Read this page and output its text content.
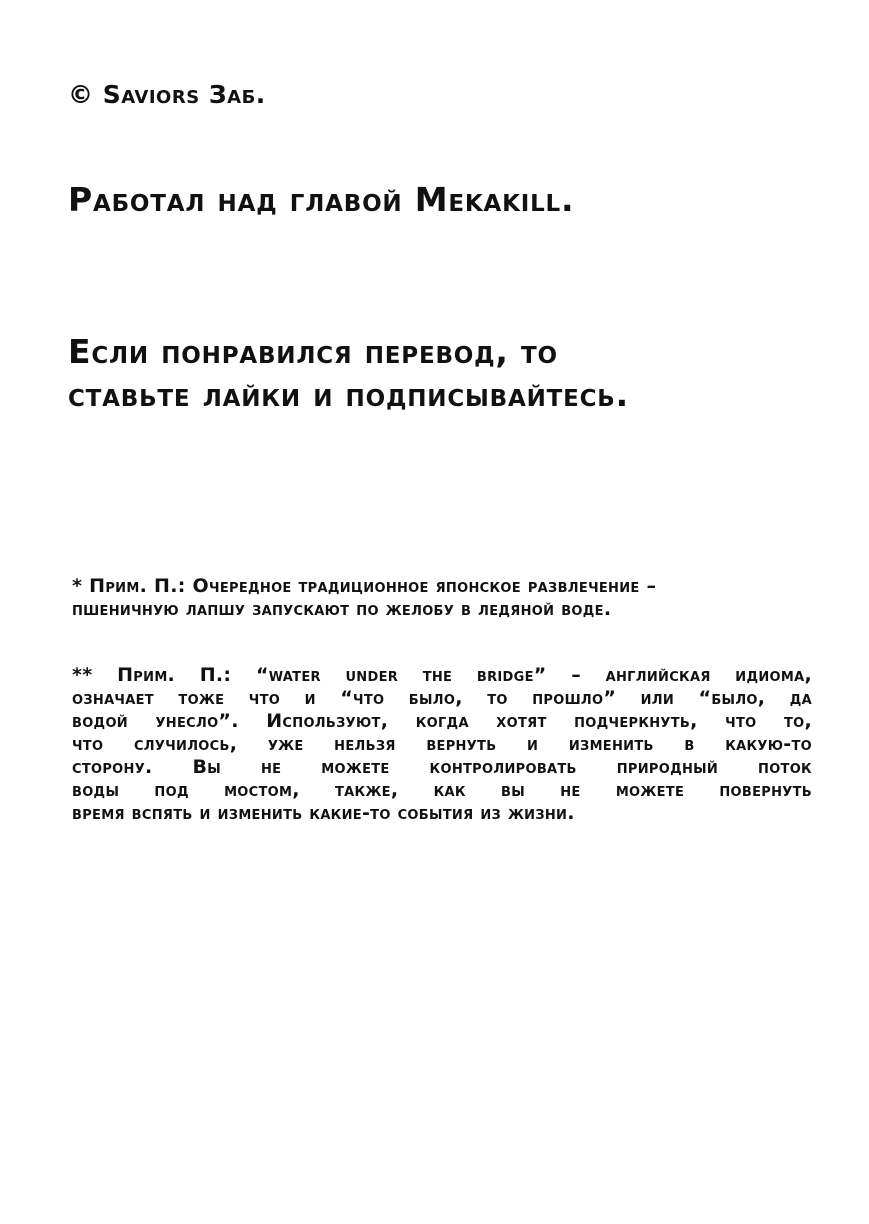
© Saviors Заб.
Работал над главой Mekakill.
Если понравился перевод, то
ставьте лайки и подписывайтесь.
* Прим. П.: Очередное традиционное японское развлечение –
пшеничную лапшу запускают по желобу в ледяной воде.
** Прим. П.: “water under the bridge” – английская идиома,
означает тоже что и “что было, то прошло” или “было, да
водой унесло”. Используют, когда хотят подчеркнуть, что то,
что случилось, уже нельзя вернуть и изменить в какую-то
сторону. Вы не можете контролировать природный поток
воды под мостом, также, как вы не можете повернуть
время вспять и изменить какие-то события из жизни.
